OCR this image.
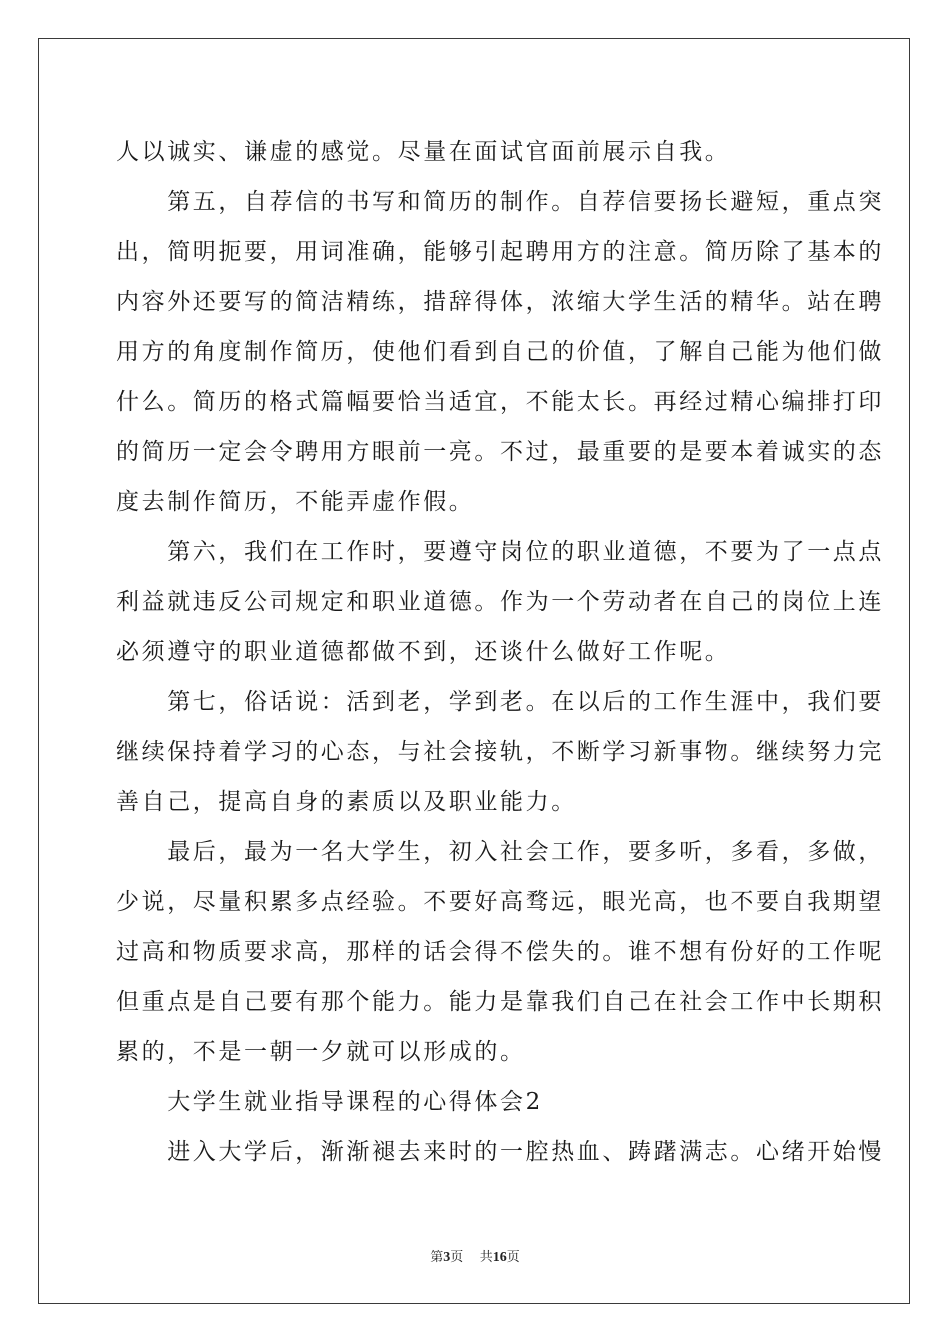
人以诚实、谦虚的感觉。尽量在面试官面前展示自我。
　　第五，自荐信的书写和简历的制作。自荐信要扬长避短，重点突
出，简明扼要，用词准确，能够引起聘用方的注意。简历除了基本的
内容外还要写的简洁精练，措辞得体，浓缩大学生活的精华。站在聘
用方的角度制作简历，使他们看到自己的价值，了解自己能为他们做
什么。简历的格式篇幅要恰当适宜，不能太长。再经过精心编排打印
的简历一定会令聘用方眼前一亮。不过，最重要的是要本着诚实的态
度去制作简历，不能弄虚作假。
　　第六，我们在工作时，要遵守岗位的职业道德，不要为了一点点
利益就违反公司规定和职业道德。作为一个劳动者在自己的岗位上连
必须遵守的职业道德都做不到，还谈什么做好工作呢。
　　第七，俗话说：活到老，学到老。在以后的工作生涯中，我们要
继续保持着学习的心态，与社会接轨，不断学习新事物。继续努力完
善自己，提高自身的素质以及职业能力。
　　最后，最为一名大学生，初入社会工作，要多听，多看，多做，
少说，尽量积累多点经验。不要好高骛远，眼光高，也不要自我期望
过高和物质要求高，那样的话会得不偿失的。谁不想有份好的工作呢
但重点是自己要有那个能力。能力是靠我们自己在社会工作中长期积
累的，不是一朝一夕就可以形成的。
　　大学生就业指导课程的心得体会2
　　进入大学后，渐渐褪去来时的一腔热血、踌躇满志。心绪开始慢
第3页 共16页
